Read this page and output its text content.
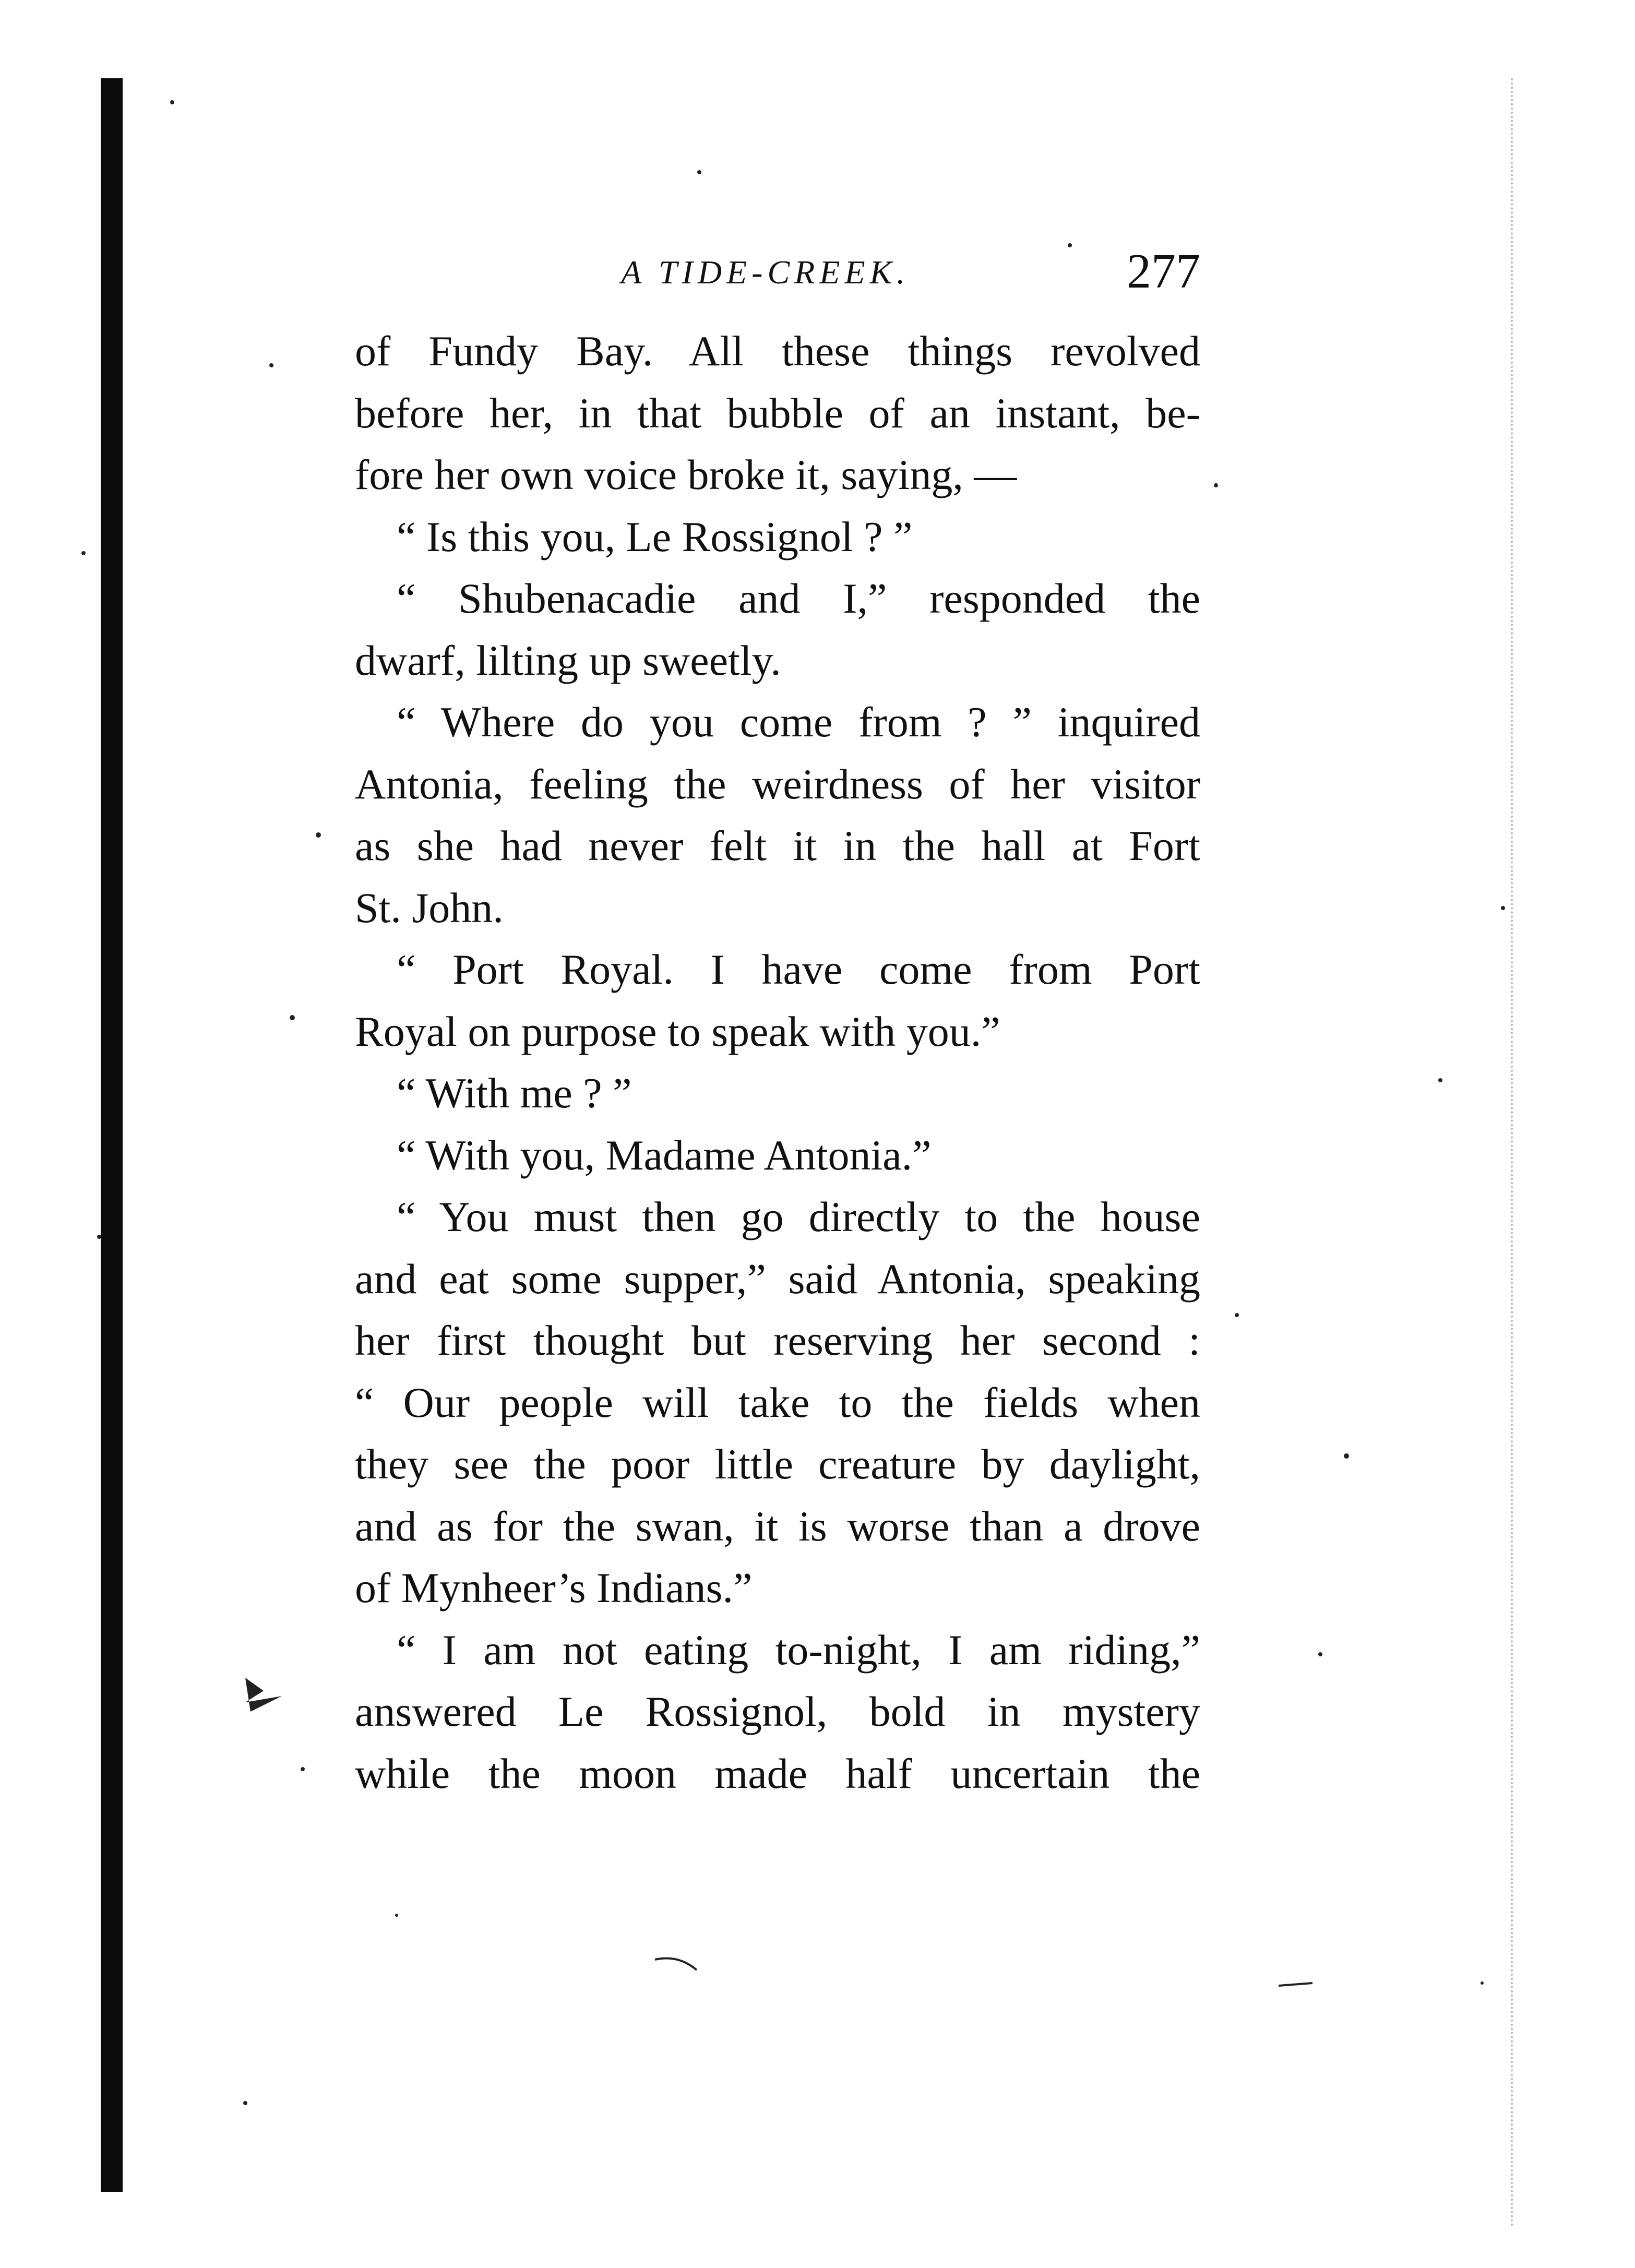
A TIDE-CREEK.	277
of Fundy Bay. All these things revolved
before her, in that bubble of an instant, be-
fore her own voice broke it, saying, —
“ Is this you, Le Rossignol ? ”
“ Shubenacadie and I,” responded the
dwarf, lilting up sweetly.
“ Where do you come from ? ” inquired
Antonia, feeling the weirdness of her visitor
as she had never felt it in the hall at Fort
St. John.
“ Port Royal. I have come from Port
Royal on purpose to speak with you.”
“ With me ? ”
“ With you, Madame Antonia.”
“ You must then go directly to the house
and eat some supper,” said Antonia, speaking
her first thought but reserving her second :
“ Our people will take to the fields when
they see the poor little creature by daylight,
and as for the swan, it is worse than a drove
of Mynheer’s Indians.”
“ I am not eating to-night, I am riding,”
answered Le Rossignol, bold in mystery
while the moon made half uncertain the
